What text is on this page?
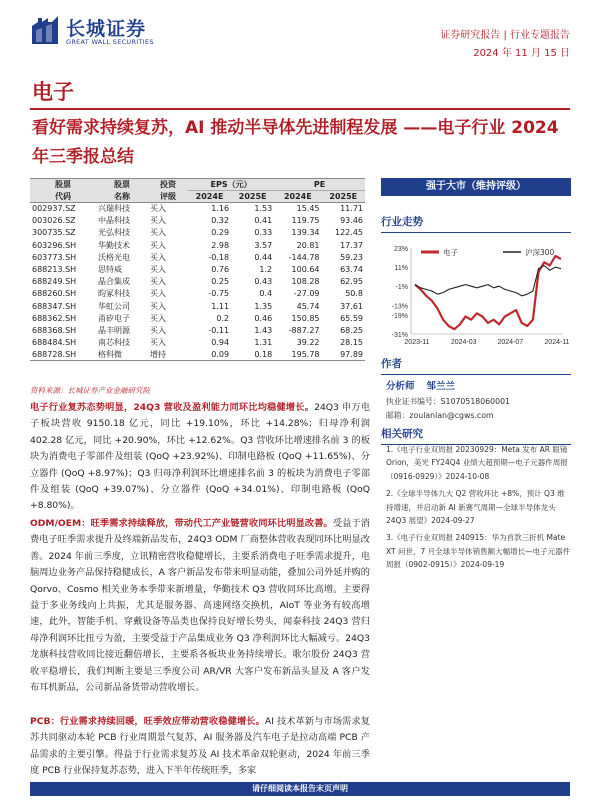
长城证券
GREAT WALL SECURITIES
证券研究报告 | 行业专题报告
2024 年 11 月 15 日
电子
看好需求持续复苏，AI 推动半导体先进制程发展 ——电子行业 2024 年三季报总结
股票	股票	投资	EPS（元）		PE	
代码	名称	评级	2024E	2025E	2024E	2025E
002937.SZ	兴瑞科技	买入	1.16	1.53	15.45	11.71
003026.SZ	中晶科技	买入	0.32	0.41	119.75	93.46
300735.SZ	光弘科技	买入	0.29	0.33	139.34	122.45
603296.SH	华勤技术	买入	2.98	3.57	20.81	17.37
603773.SH	沃格光电	买入	-0.18	0.44	-144.78	59.23
688213.SH	思特威	买入	0.76	1.2	100.64	63.74
688249.SH	晶合集成	买入	0.25	0.43	108.28	62.95
688260.SH	昀冢科技	买入	-0.75	0.4	-27.09	50.8
688347.SH	华虹公司	买入	1.11	1.35	45.74	37.61
688362.SH	甬矽电子	买入	0.2	0.46	150.85	65.59
688368.SH	晶丰明源	买入	-0.11	1.43	-887.27	68.25
688484.SH	南芯科技	买入	0.94	1.31	39.22	28.15
688728.SH	格科微	增持	0.09	0.18	195.78	97.89
资料来源：长城证券产业金融研究院
电子行业复苏态势明显，24Q3 营收及盈利能力同环比均稳健增长。24Q3 申万电子板块营收 9150.18 亿元，同比 +19.10%，环比 +14.28%；归母净利润 402.28 亿元，同比 +20.90%，环比 +12.62%。Q3 营收环比增速排名前 3 的板块为消费电子零部件及组装 (QoQ +23.92%)、印制电路板 (QoQ +11.65%)、分立器件 (QoQ +8.97%)；Q3 归母净利润环比增速排名前 3 的板块为消费电子零部件及组装 (QoQ +39.07%)、分立器件 (QoQ +34.01%)、印制电路板 (QoQ +8.80%)。
ODM/OEM：旺季需求持续释放，带动代工产业链营收同环比明显改善。受益于消费电子旺季需求提升及终端新品发布，24Q3 ODM 厂商整体营收表现同环比明显改善。2024 年前三季度，立讯精密营收稳健增长，主要系消费电子旺季需求提升，电脑周边业务产品保持稳健成长，A 客户新品发布带来明显动能，叠加公司外延并购的 Qorvo、Cosmo 相关业务本季带来新增量，华勤技术 Q3 营收同环比高增。主要得益于多业务线向上共振，尤其是服务器、高速网络交换机，AIoT 等业务有较高增速，此外，智能手机、穿戴设备等品类也保持良好增长势头，闻泰科技 24Q3 营归母净利润环比扭亏为盈，主要受益于产品集成业务 Q3 净利润环比大幅减亏。24Q3 龙旗科技营收同比接近翻倍增长，主要系各板块业务持续增长。歌尔股份 24Q3 营收平稳增长，我们判断主要是三季度公司 AR/VR 大客户发布新品头显及 A 客户发布耳机新品，公司新品备货带动营收增长。
PCB：行业需求持续回暖，旺季效应带动营收稳健增长。AI 技术革新与市场需求复苏共同驱动本轮 PCB 行业周期景气复苏，AI 服务器及汽车电子是拉动高端 PCB 产品需求的主要引擎。得益于行业需求复苏及 AI 技术革命双轮驱动，2024 年前三季度 PCB 行业保持复苏态势，进入下半年传统旺季，多家
强于大市（维持评级）
行业走势
23%
11%
-1%
-13%
-19%
-31%
2023-11	2024-03	2024-07	2024-11
电子	沪深300
作者
分析师 邹兰兰
执业证书编号：S1070518060001
邮箱：zoulanlan@cgws.com
相关研究
1.《电子行业双周报 20230929：Meta 发布 AR 眼镜 Orion，美光 FY24Q4 业绩大超预期—电子元器件周报（0916-0929）》2024-10-08
2.《全球半导体九大 Q2 营收环比 +8%，预计 Q3 维持增速，并启动新 AI 新赛气周期—全球半导体龙头 24Q3 展望》2024-09-27
3.《电子行业双周报 240915：华为首款三折机 Mate XT 问世，7 月全球半导体销售额大幅增长—电子元器件周报（0902-0915）》2024-09-19
请仔细阅读本报告末页声明
